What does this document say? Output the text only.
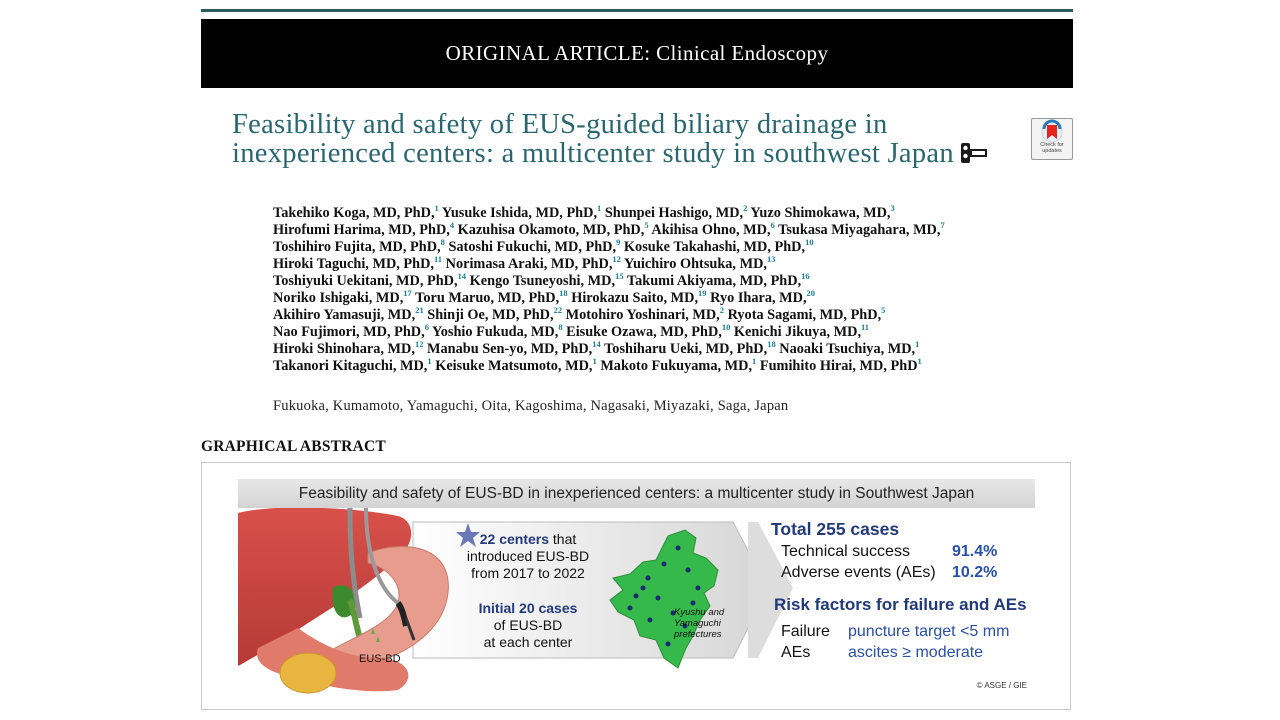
ORIGINAL ARTICLE: Clinical Endoscopy
Feasibility and safety of EUS-guided biliary drainage in inexperienced centers: a multicenter study in southwest Japan	Check for updates
Takehiko Koga, MD, PhD,$^1$ Yusuke Ishida, MD, PhD,$^1$ Shunpei Hashigo, MD,$^2$ Yuzo Shimokawa, MD,$^3$
Hirofumi Harima, MD, PhD,$^4$ Kazuhisa Okamoto, MD, PhD,$^5$ Akihisa Ohno, MD,$^6$ Tsukasa Miyagahara, MD,$^7$
Toshihiro Fujita, MD, PhD,$^8$ Satoshi Fukuchi, MD, PhD,$^9$ Kosuke Takahashi, MD, PhD,$^{10}$
Hiroki Taguchi, MD, PhD,$^{11}$ Norimasa Araki, MD, PhD,$^{12}$ Yuichiro Ohtsuka, MD,$^{13}$
Toshiyuki Uekitani, MD, PhD,$^{14}$ Kengo Tsuneyoshi, MD,$^{15}$ Takumi Akiyama, MD, PhD,$^{16}$
Noriko Ishigaki, MD,$^{17}$ Toru Maruo, MD, PhD,$^{18}$ Hirokazu Saito, MD,$^{19}$ Ryo Ihara, MD,$^{20}$
Akihiro Yamasuji, MD,$^{21}$ Shinji Oe, MD, PhD,$^{22}$ Motohiro Yoshinari, MD,$^2$ Ryota Sagami, MD, PhD,$^5$
Nao Fujimori, MD, PhD,$^6$ Yoshio Fukuda, MD,$^8$ Eisuke Ozawa, MD, PhD,$^{10}$ Kenichi Jikuya, MD,$^{11}$
Hiroki Shinohara, MD,$^{12}$ Manabu Sen-yo, MD, PhD,$^{14}$ Toshiharu Ueki, MD, PhD,$^{18}$ Naoaki Tsuchiya, MD,$^1$
Takanori Kitaguchi, MD,$^1$ Keisuke Matsumoto, MD,$^1$ Makoto Fukuyama, MD,$^1$ Fumihito Hirai, MD, PhD$^1$
Fukuoka, Kumamoto, Yamaguchi, Oita, Kagoshima, Nagasaki, Miyazaki, Saga, Japan
GRAPHICAL ABSTRACT
Feasibility and safety of EUS-BD in inexperienced centers: a multicenter study in Southwest Japan
EUS-BD
22 centers that
introduced EUS-BD
from 2017 to 2022
Initial 20 cases
of EUS-BD
at each center
Kyushu and
Yamaguchi
prefectures
Total 255 cases
Technical success	91.4%
Adverse events (AEs) 10.2%
Risk factors for failure and AEs
Failure puncture target <5 mm
AEs ascites ≥ moderate
© ASGE / GIE
